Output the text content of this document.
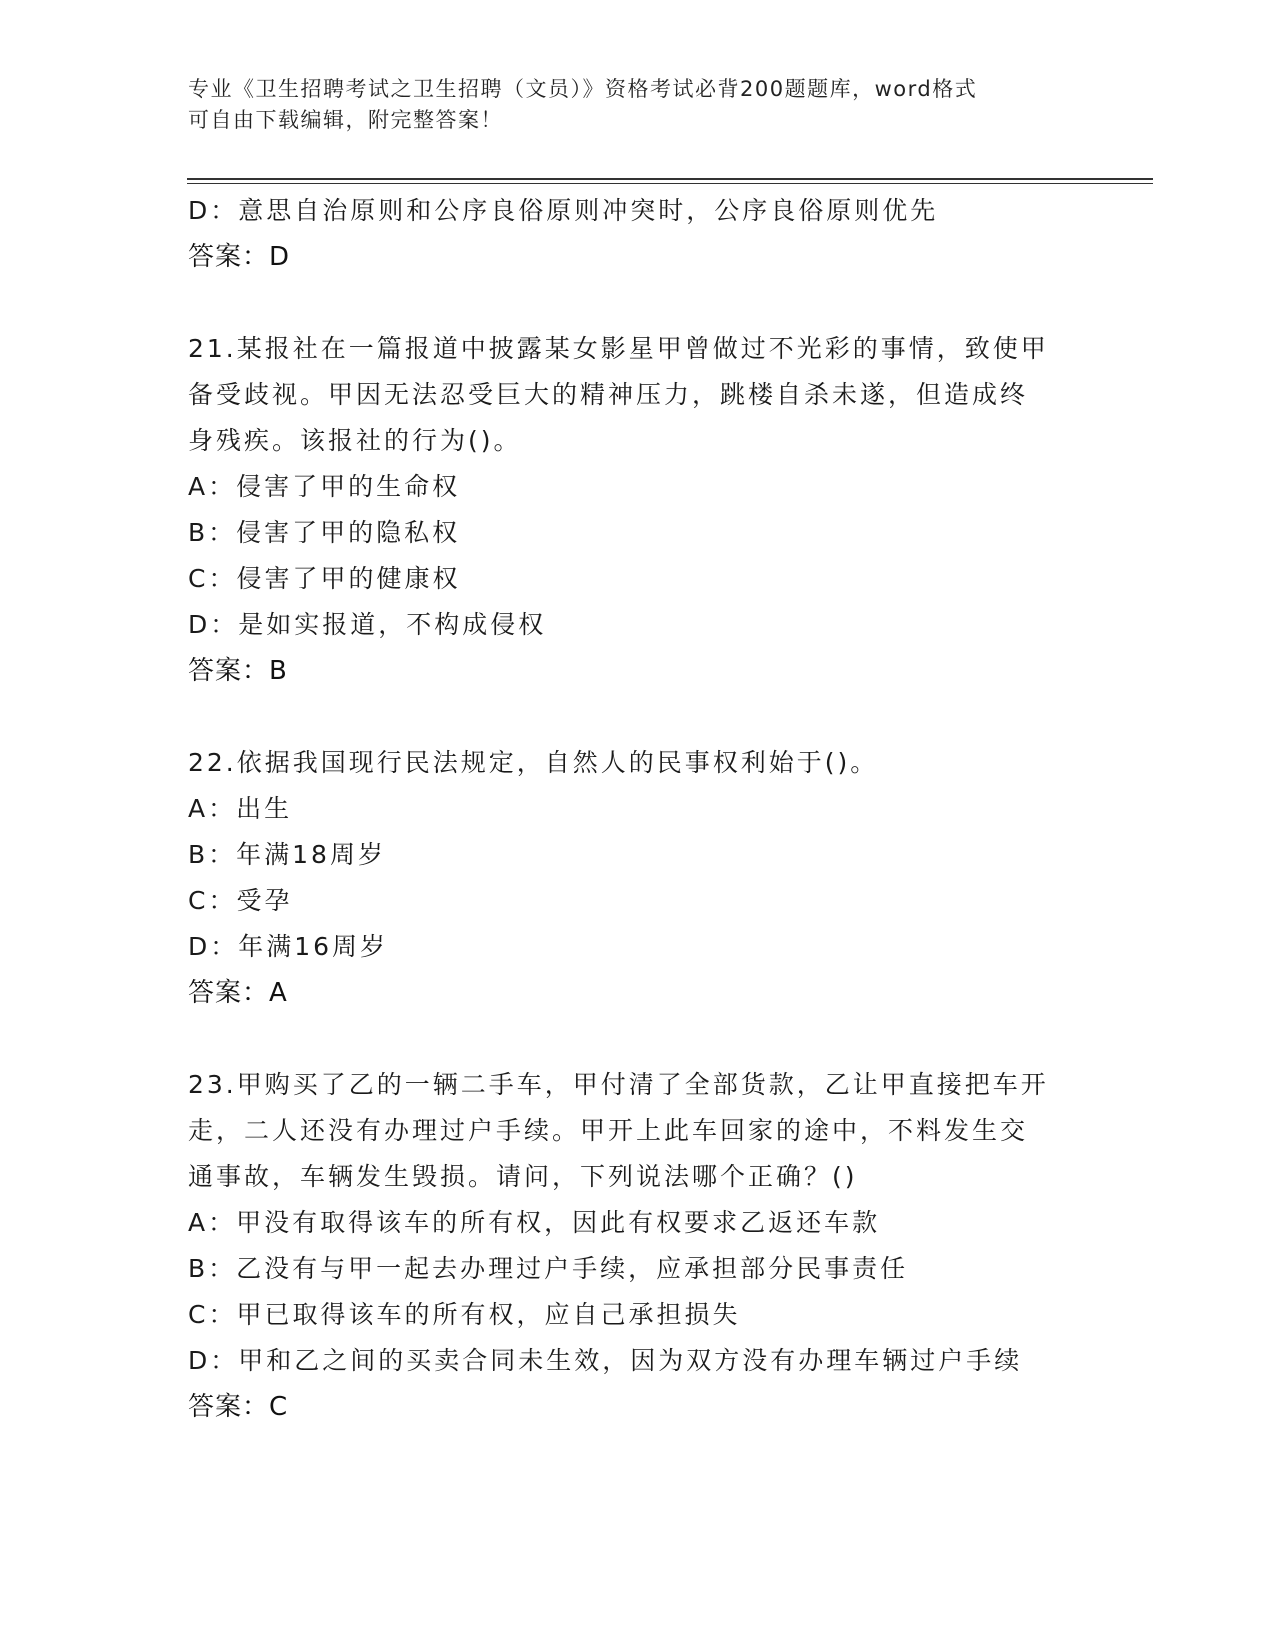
专业《卫生招聘考试之卫生招聘（文员）》资格考试必背200题题库，word格式
可自由下载编辑，附完整答案！
D：意思自治原则和公序良俗原则冲突时，公序良俗原则优先
答案：D
21.某报社在一篇报道中披露某女影星甲曾做过不光彩的事情，致使甲
备受歧视。甲因无法忍受巨大的精神压力，跳楼自杀未遂，但造成终
身残疾。该报社的行为()。
A：侵害了甲的生命权
B：侵害了甲的隐私权
C：侵害了甲的健康权
D：是如实报道，不构成侵权
答案：B
22.依据我国现行民法规定，自然人的民事权利始于()。
A：出生
B：年满18周岁
C：受孕
D：年满16周岁
答案：A
23.甲购买了乙的一辆二手车，甲付清了全部货款，乙让甲直接把车开
走，二人还没有办理过户手续。甲开上此车回家的途中，不料发生交
通事故，车辆发生毁损。请问，下列说法哪个正确？()
A：甲没有取得该车的所有权，因此有权要求乙返还车款
B：乙没有与甲一起去办理过户手续，应承担部分民事责任
C：甲已取得该车的所有权，应自己承担损失
D：甲和乙之间的买卖合同未生效，因为双方没有办理车辆过户手续
答案：C
